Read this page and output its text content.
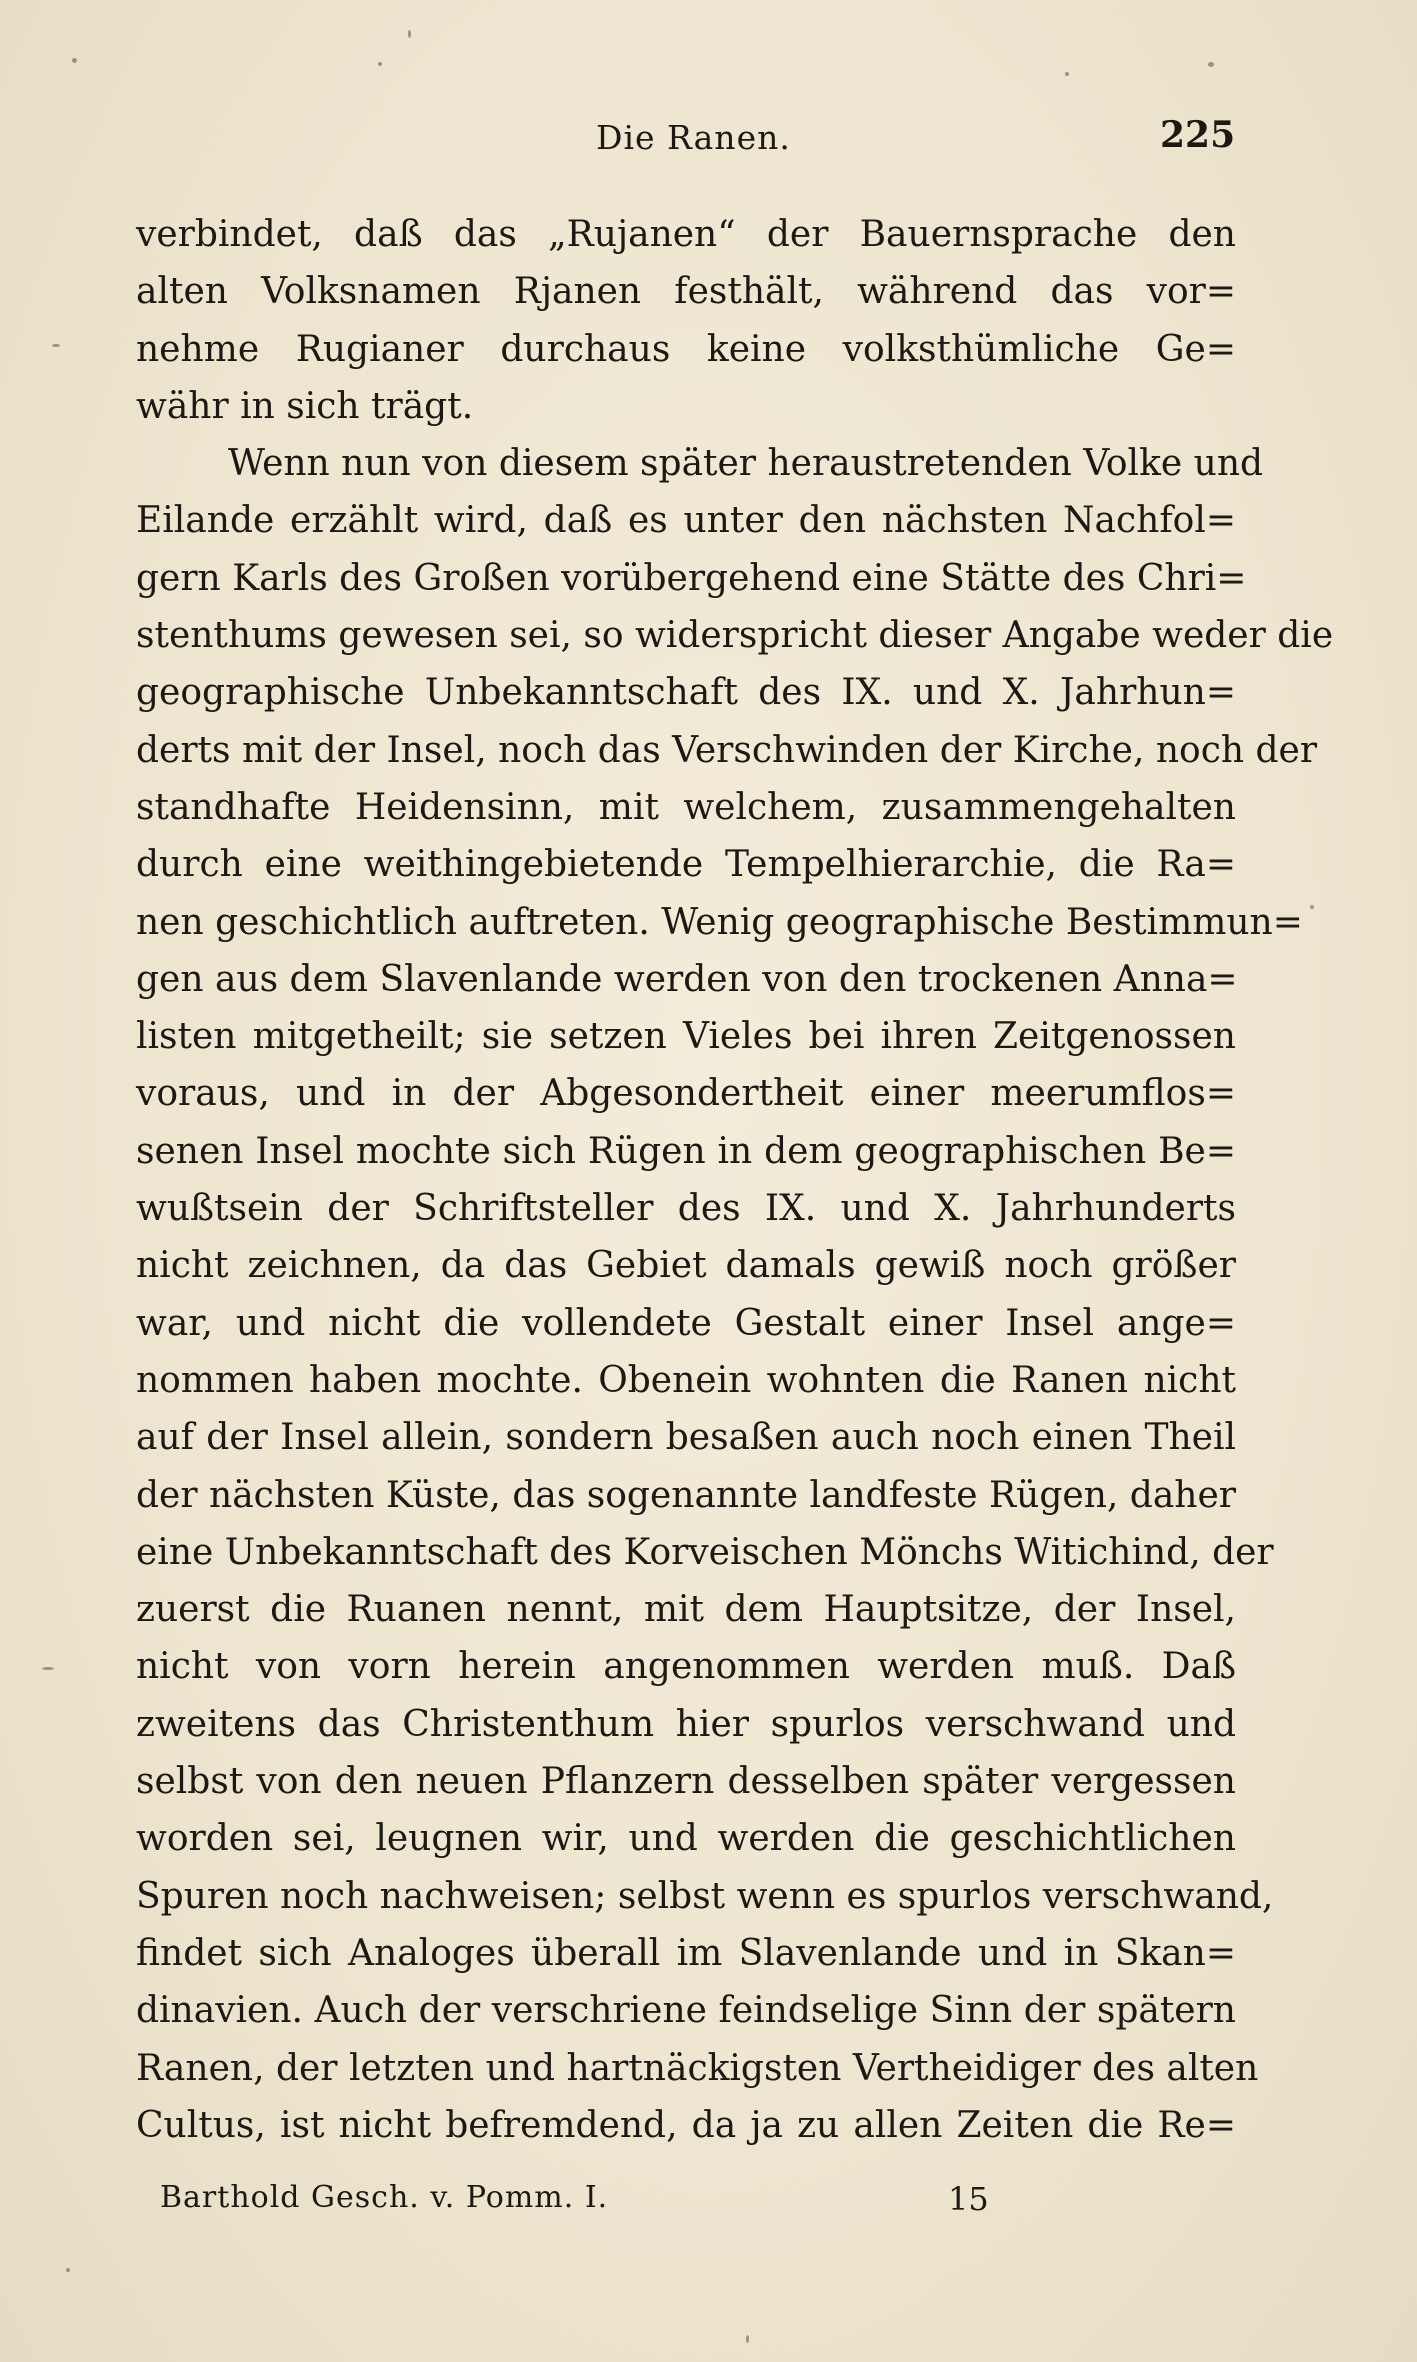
Die Ranen.	225
verbindet, daß das „Rujanen“ der Bauernsprache den
alten Volksnamen Rjanen festhält, während das vor=
nehme Rugianer durchaus keine volksthümliche Ge=
währ in sich trägt.
Wenn nun von diesem später heraustretenden Volke und
Eilande erzählt wird, daß es unter den nächsten Nachfol=
gern Karls des Großen vorübergehend eine Stätte des Chri=
stenthums gewesen sei, so widerspricht dieser Angabe weder die
geographische Unbekanntschaft des IX. und X. Jahrhun=
derts mit der Insel, noch das Verschwinden der Kirche, noch der
standhafte Heidensinn, mit welchem, zusammengehalten
durch eine weithingebietende Tempelhierarchie, die Ra=
nen geschichtlich auftreten. Wenig geographische Bestimmun=
gen aus dem Slavenlande werden von den trockenen Anna=
listen mitgetheilt; sie setzen Vieles bei ihren Zeitgenossen
voraus, und in der Abgesondertheit einer meerumflos=
senen Insel mochte sich Rügen in dem geographischen Be=
wußtsein der Schriftsteller des IX. und X. Jahrhunderts
nicht zeichnen, da das Gebiet damals gewiß noch größer
war, und nicht die vollendete Gestalt einer Insel ange=
nommen haben mochte. Obenein wohnten die Ranen nicht
auf der Insel allein, sondern besaßen auch noch einen Theil
der nächsten Küste, das sogenannte landfeste Rügen, daher
eine Unbekanntschaft des Korveischen Mönchs Witichind, der
zuerst die Ruanen nennt, mit dem Hauptsitze, der Insel,
nicht von vorn herein angenommen werden muß. Daß
zweitens das Christenthum hier spurlos verschwand und
selbst von den neuen Pflanzern desselben später vergessen
worden sei, leugnen wir, und werden die geschichtlichen
Spuren noch nachweisen; selbst wenn es spurlos verschwand,
findet sich Analoges überall im Slavenlande und in Skan=
dinavien. Auch der verschriene feindselige Sinn der spätern
Ranen, der letzten und hartnäckigsten Vertheidiger des alten
Cultus, ist nicht befremdend, da ja zu allen Zeiten die Re=
Barthold Gesch. v. Pomm. I.	15
